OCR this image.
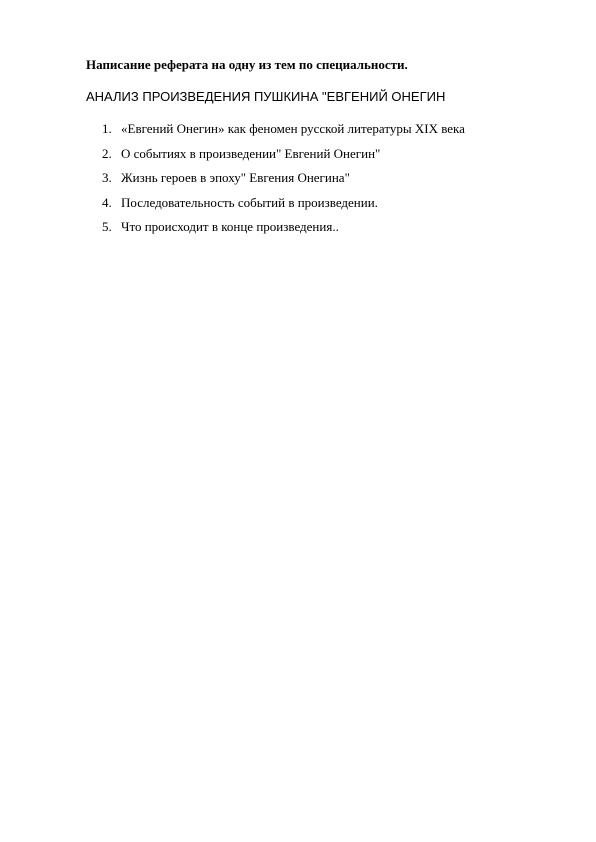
Написание реферата на одну из тем по специальности.
АНАЛИЗ ПРОИЗВЕДЕНИЯ ПУШКИНА "ЕВГЕНИЙ ОНЕГИН
1. «Евгений Онегин» как феномен русской литературы XIX века
2. О событиях в произведении" Евгений Онегин"
3. Жизнь героев в эпоху" Евгения Онегина"
4. Последовательность событий в произведении.
5. Что происходит в конце произведения..
